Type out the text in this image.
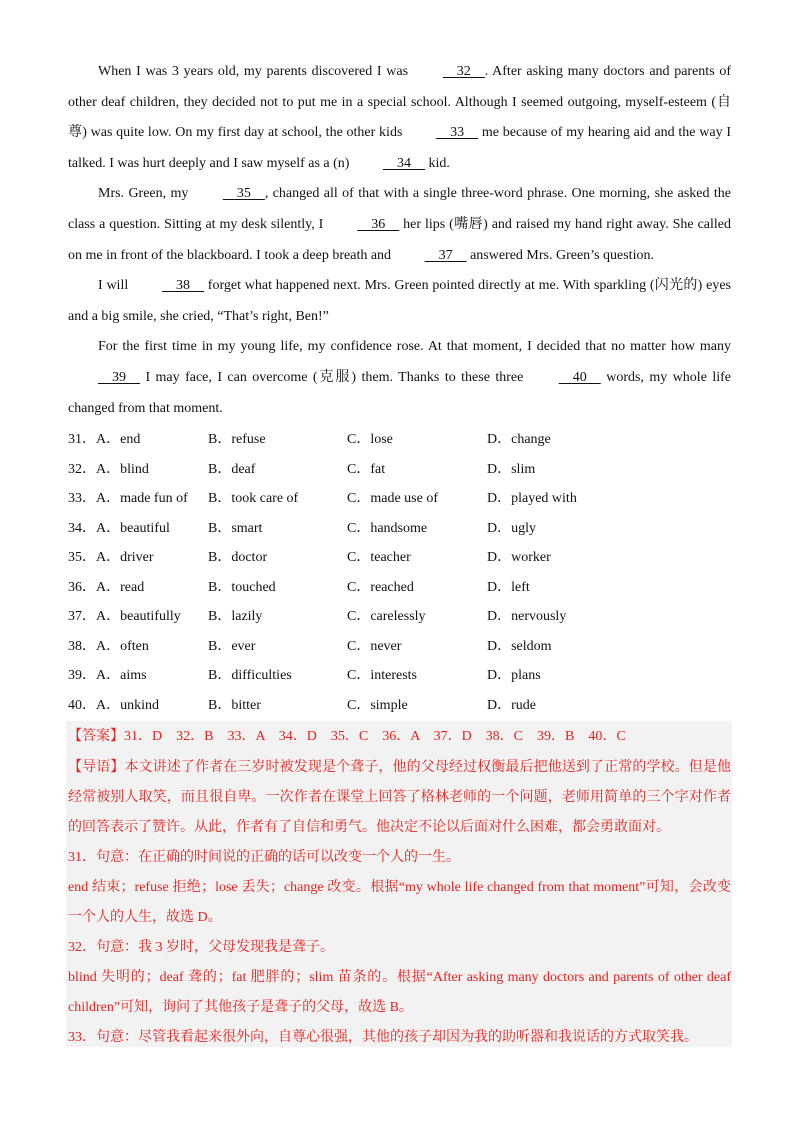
When I was 3 years old, my parents discovered I was     32    . After asking many doctors and parents of other deaf children, they decided not to put me in a special school. Although I seemed outgoing, myself-esteem (自尊) was quite low. On my first day at school, the other kids     33     me because of my hearing aid and the way I talked. I was hurt deeply and I saw myself as a (n)     34     kid.

Mrs. Green, my     35    , changed all of that with a single three-word phrase. One morning, she asked the class a question. Sitting at my desk silently, I     36     her lips (嘴唇) and raised my hand right away. She called on me in front of the blackboard. I took a deep breath and     37     answered Mrs. Green’s question.

I will     38     forget what happened next. Mrs. Green pointed directly at me. With sparkling (闪光的) eyes and a big smile, she cried, “That’s right, Ben!”

For the first time in my young life, my confidence rose. At that moment, I decided that no matter how many     39     I may face, I can overcome (克服) them. Thanks to these three     40     words, my whole life changed from that moment.

31．A．end	B．refuse	C．lose	D．change
32．A．blind	B．deaf	C．fat	D．slim
33．A．made fun of	B．took care of	C．made use of	D．played with
34．A．beautiful	B．smart	C．handsome	D．ugly
35．A．driver	B．doctor	C．teacher	D．worker
36．A．read	B．touched	C．reached	D．left
37．A．beautifully	B．lazily	C．carelessly	D．nervously
38．A．often	B．ever	C．never	D．seldom
39．A．aims	B．difficulties	C．interests	D．plans
40．A．unkind	B．bitter	C．simple	D．rude

【答案】31．D　32．B　33．A　34．D　35．C　36．A　37．D　38．C　39．B　40．C

【导语】本文讲述了作者在三岁时被发现是个聋子，他的父母经过权衡最后把他送到了正常的学校。但是他经常被别人取笑，而且很自卑。一次作者在课堂上回答了格林老师的一个问题，老师用简单的三个字对作者的回答表示了赞许。从此，作者有了自信和勇气。他决定不论以后面对什么困难，都会勇敢面对。

31．句意：在正确的时间说的正确的话可以改变一个人的一生。

end 结束；refuse 拒绝；lose 丢失；change 改变。根据“my whole life changed from that moment”可知，会改变一个人的人生，故选 D。

32．句意：我 3 岁时，父母发现我是聋子。

blind 失明的；deaf 聋的；fat 肥胖的；slim 苗条的。根据“After asking many doctors and parents of other deaf children”可知，询问了其他孩子是聋子的父母，故选 B。

33．句意：尽管我看起来很外向，自尊心很强，其他的孩子却因为我的助听器和我说话的方式取笑我。
